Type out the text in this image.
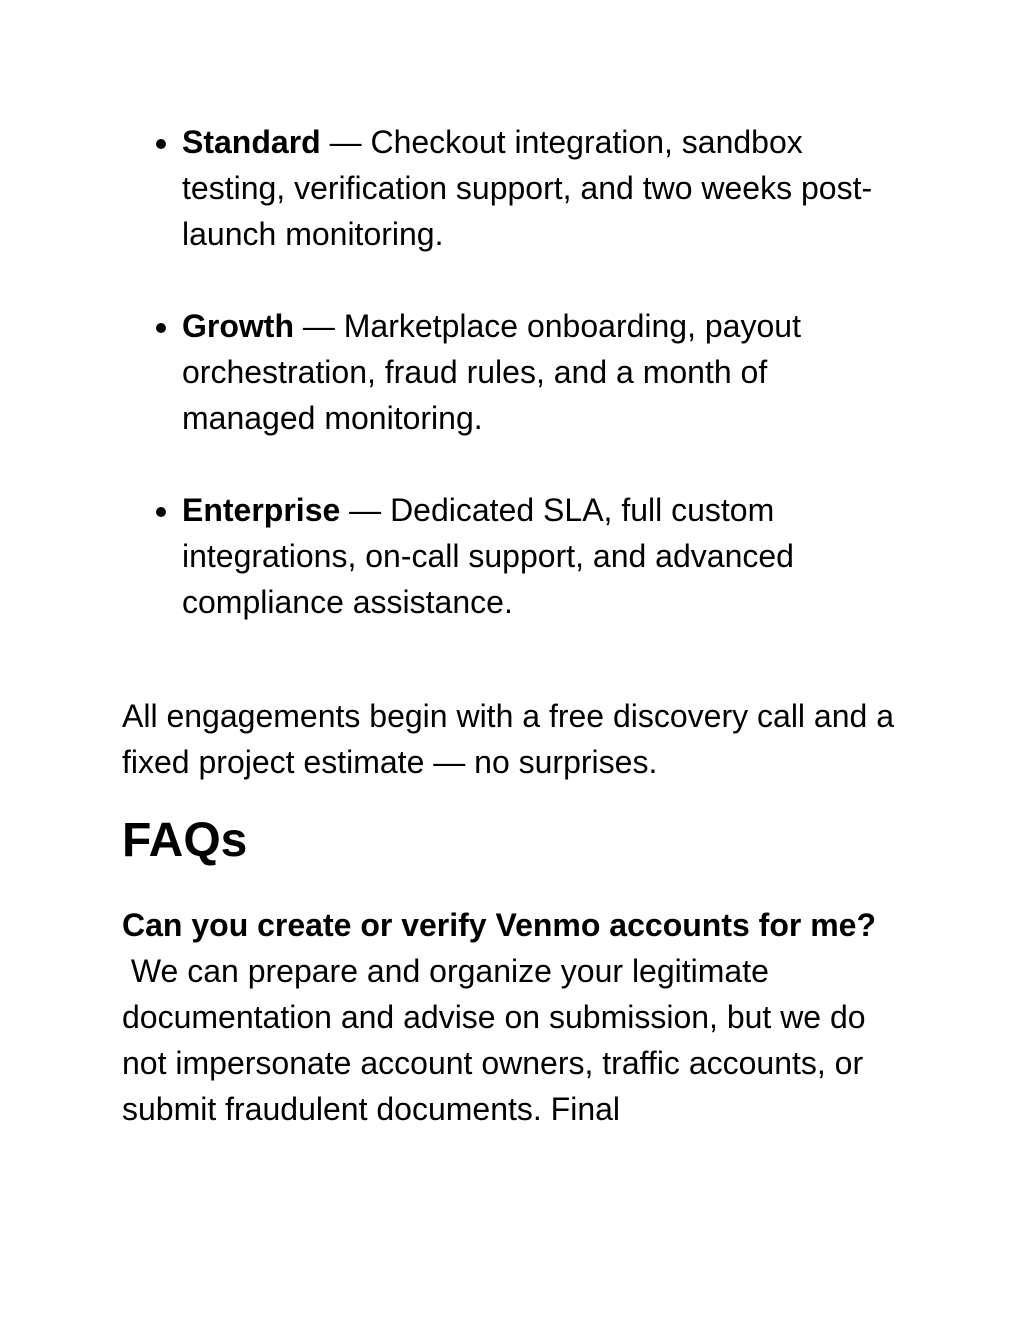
• Standard — Checkout integration, sandbox testing, verification support, and two weeks post-launch monitoring.
• Growth — Marketplace onboarding, payout orchestration, fraud rules, and a month of managed monitoring.
• Enterprise — Dedicated SLA, full custom integrations, on-call support, and advanced compliance assistance.

All engagements begin with a free discovery call and a fixed project estimate — no surprises.

FAQs

Can you create or verify Venmo accounts for me?

We can prepare and organize your legitimate documentation and advise on submission, but we do not impersonate account owners, traffic accounts, or submit fraudulent documents. Final
